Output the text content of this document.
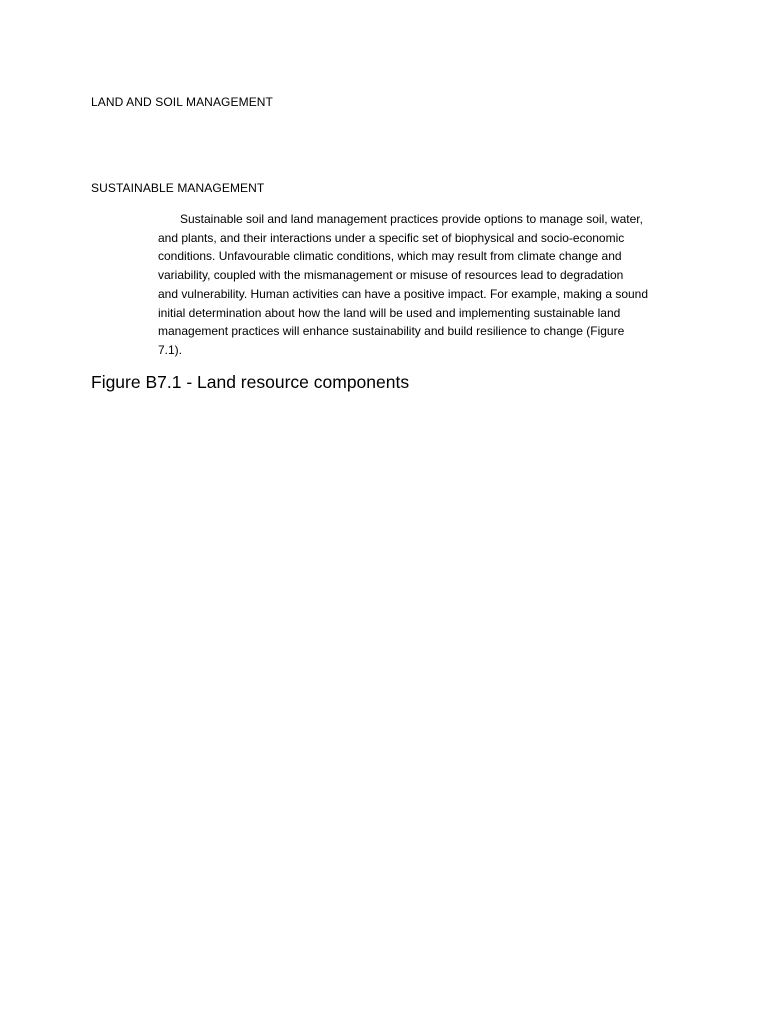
LAND AND SOIL MANAGEMENT
SUSTAINABLE MANAGEMENT
Sustainable soil and land management practices provide options to manage soil, water,
and plants, and their interactions under a specific set of biophysical and socio-economic
conditions. Unfavourable climatic conditions, which may result from climate change and
variability, coupled with the mismanagement or misuse of resources lead to degradation
and vulnerability. Human activities can have a positive impact. For example, making a sound
initial determination about how the land will be used and implementing sustainable land
management practices will enhance sustainability and build resilience to change (Figure
7.1).
Figure B7.1 - Land resource components
